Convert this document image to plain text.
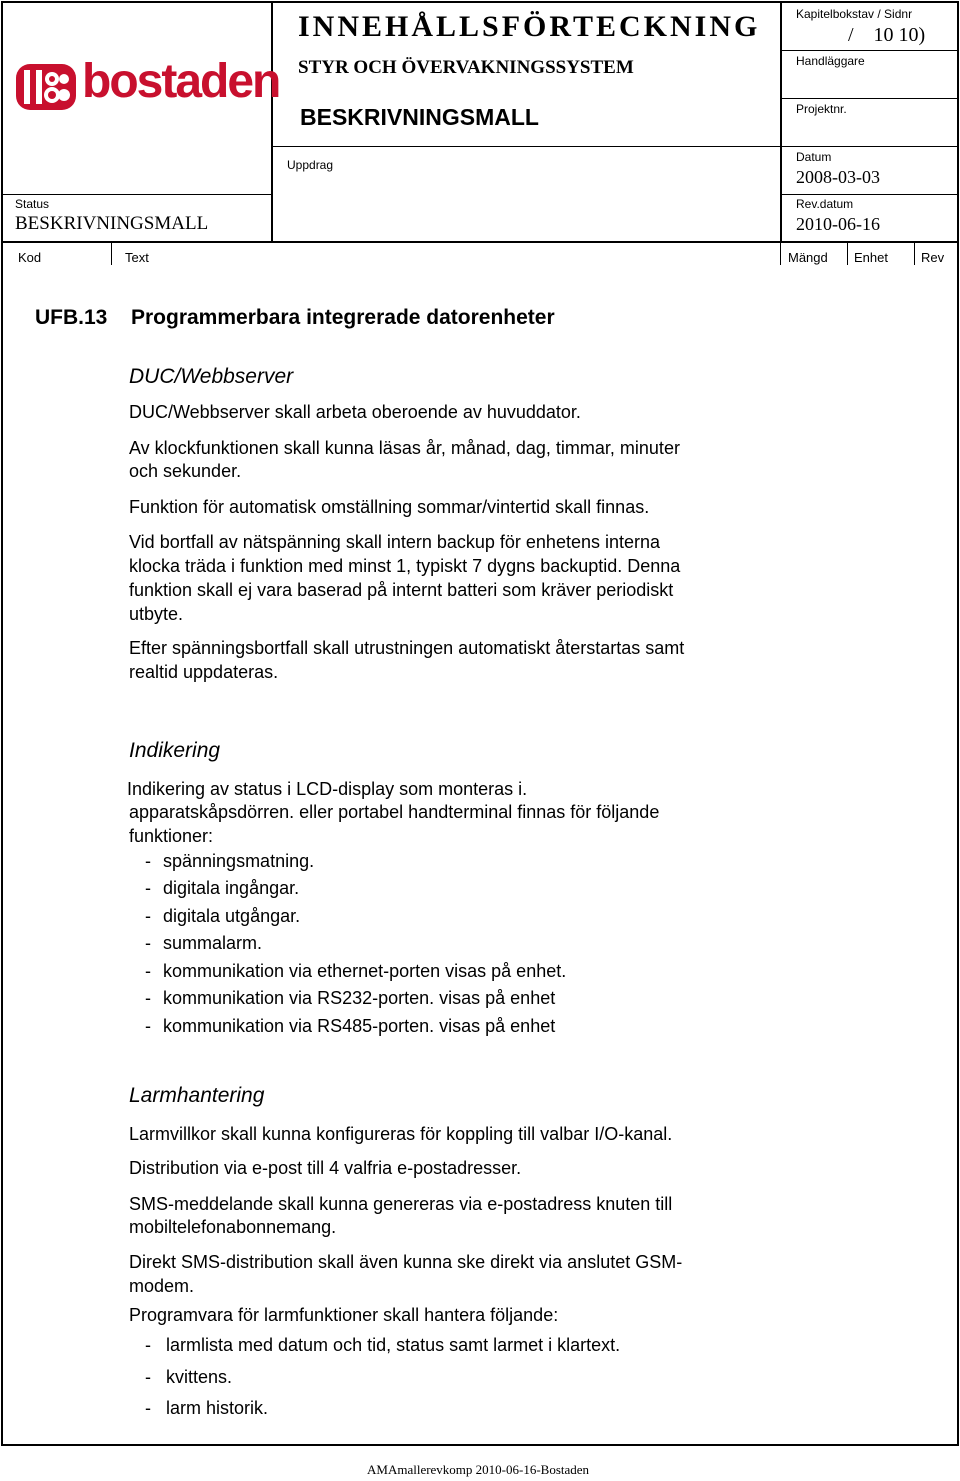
bostaden
INNEHÅLLSFÖRTECKNING
STYR OCH ÖVERVAKNINGSSYSTEM
BESKRIVNINGSMALL
Uppdrag
Status
BESKRIVNINGSMALL
Kapitelbokstav / Sidnr
/    10 10)
Handläggare
Projektnr.
Datum
2008-03-03
Rev.datum
2010-06-16
Kod	Text	Mängd Enhet	Rev
UFB.13 Programmerbara integrerade datorenheter
DUC/Webbserver
DUC/Webbserver skall arbeta oberoende av huvuddator.
Av klockfunktionen skall kunna läsas år, månad, dag, timmar, minuter
och sekunder.
Funktion för automatisk omställning sommar/vintertid skall finnas.
Vid bortfall av nätspänning skall intern backup för enhetens interna
klocka träda i funktion med minst 1, typiskt 7 dygns backuptid. Denna
funktion skall ej vara baserad på internt batteri som kräver periodiskt
utbyte.
Efter spänningsbortfall skall utrustningen automatiskt återstartas samt
realtid uppdateras.
Indikering
Indikering av status i LCD-display som monteras i.
apparatskåpsdörren. eller portabel handterminal finnas för följande
funktioner:
- spänningsmatning.
- digitala ingångar.
- digitala utgångar.
- summalarm.
- kommunikation via ethernet-porten visas på enhet.
- kommunikation via RS232-porten. visas på enhet
- kommunikation via RS485-porten. visas på enhet
Larmhantering
Larmvillkor skall kunna konfigureras för koppling till valbar I/O-kanal.
Distribution via e-post till 4 valfria e-postadresser.
SMS-meddelande skall kunna genereras via e-postadress knuten till
mobiltelefonabonnemang.
Direkt SMS-distribution skall även kunna ske direkt via anslutet GSM-
modem.
Programvara för larmfunktioner skall hantera följande:
- larmlista med datum och tid, status samt larmet i klartext.
- kvittens.
- larm historik.
AMAmallerevkomp 2010-06-16-Bostaden
